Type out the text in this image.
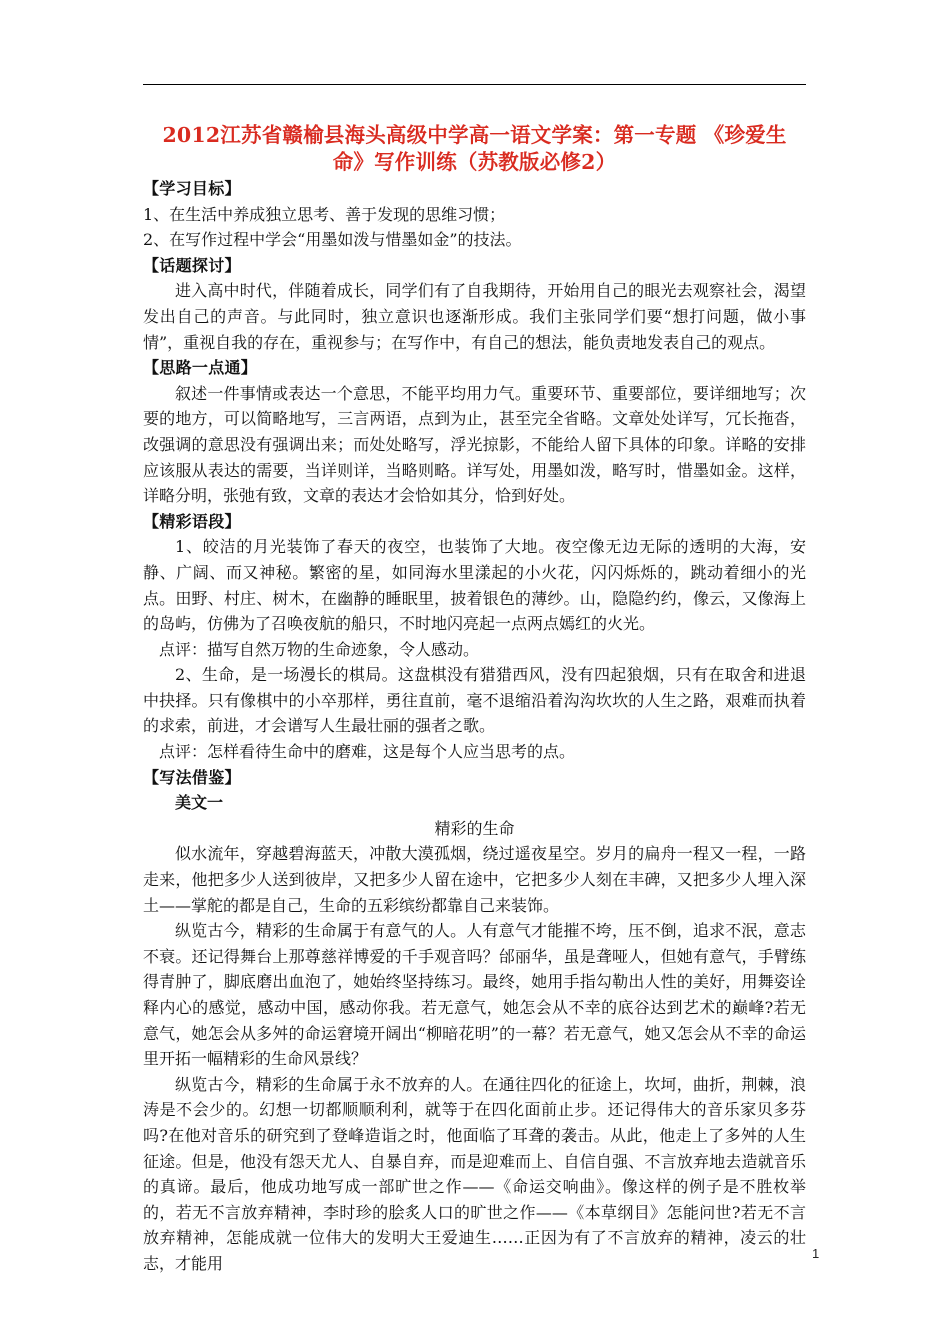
2012江苏省赣榆县海头高级中学高一语文学案：第一专题 《珍爱生
命》写作训练（苏教版必修2）

【学习目标】

1、在生活中养成独立思考、善于发现的思维习惯；

2、在写作过程中学会“用墨如泼与惜墨如金”的技法。

【话题探讨】

进入高中时代，伴随着成长，同学们有了自我期待，开始用自己的眼光去观察社会，渴望发出自己的声音。与此同时，独立意识也逐渐形成。我们主张同学们要“想打问题，做小事情”，重视自我的存在，重视参与；在写作中，有自己的想法，能负责地发表自己的观点。

【思路一点通】

叙述一件事情或表达一个意思，不能平均用力气。重要环节、重要部位，要详细地写；次要的地方，可以简略地写，三言两语，点到为止，甚至完全省略。文章处处详写，冗长拖沓，改强调的意思没有强调出来；而处处略写，浮光掠影，不能给人留下具体的印象。详略的安排应该服从表达的需要，当详则详，当略则略。详写处，用墨如泼，略写时，惜墨如金。这样，详略分明，张弛有致，文章的表达才会恰如其分，恰到好处。

【精彩语段】

1、皎洁的月光装饰了春天的夜空，也装饰了大地。夜空像无边无际的透明的大海，安静、广阔、而又神秘。繁密的星，如同海水里漾起的小火花，闪闪烁烁的，跳动着细小的光点。田野、村庄、树木，在幽静的睡眠里，披着银色的薄纱。山，隐隐约约，像云，又像海上的岛屿，仿佛为了召唤夜航的船只，不时地闪亮起一点两点嫣红的火光。

点评：描写自然万物的生命迹象，令人感动。

2、生命，是一场漫长的棋局。这盘棋没有猎猎西风，没有四起狼烟，只有在取舍和进退中抉择。只有像棋中的小卒那样，勇往直前，毫不退缩沿着沟沟坎坎的人生之路，艰难而执着的求索，前进，才会谱写人生最壮丽的强者之歌。

点评：怎样看待生命中的磨难，这是每个人应当思考的点。

【写法借鉴】

美文一

精彩的生命

似水流年，穿越碧海蓝天，冲散大漠孤烟，绕过遥夜星空。岁月的扁舟一程又一程，一路走来，他把多少人送到彼岸，又把多少人留在途中，它把多少人刻在丰碑，又把多少人埋入深土——掌舵的都是自己，生命的五彩缤纷都靠自己来装饰。

纵览古今，精彩的生命属于有意气的人。人有意气才能摧不垮，压不倒，追求不泯，意志不衰。还记得舞台上那尊慈祥博爱的千手观音吗？邰丽华，虽是聋哑人，但她有意气，手臂练得青肿了，脚底磨出血泡了，她始终坚持练习。最终，她用手指勾勒出人性的美好，用舞姿诠释内心的感觉，感动中国，感动你我。若无意气，她怎会从不幸的底谷达到艺术的巅峰?若无意气，她怎会从多舛的命运窘境开阔出“柳暗花明”的一幕？若无意气，她又怎会从不幸的命运里开拓一幅精彩的生命风景线？

纵览古今，精彩的生命属于永不放弃的人。在通往四化的征途上，坎坷，曲折，荆棘，浪涛是不会少的。幻想一切都顺顺利利，就等于在四化面前止步。还记得伟大的音乐家贝多芬吗?在他对音乐的研究到了登峰造诣之时，他面临了耳聋的袭击。从此，他走上了多舛的人生征途。但是，他没有怨天尤人、自暴自弃，而是迎难而上、自信自强、不言放弃地去造就音乐的真谛。最后，他成功地写成一部旷世之作——《命运交响曲》。像这样的例子是不胜枚举的，若无不言放弃精神，李时珍的脍炙人口的旷世之作——《本草纲目》怎能问世?若无不言放弃精神，怎能成就一位伟大的发明大王爱迪生……正因为有了不言放弃的精神，凌云的壮志，才能用

1
